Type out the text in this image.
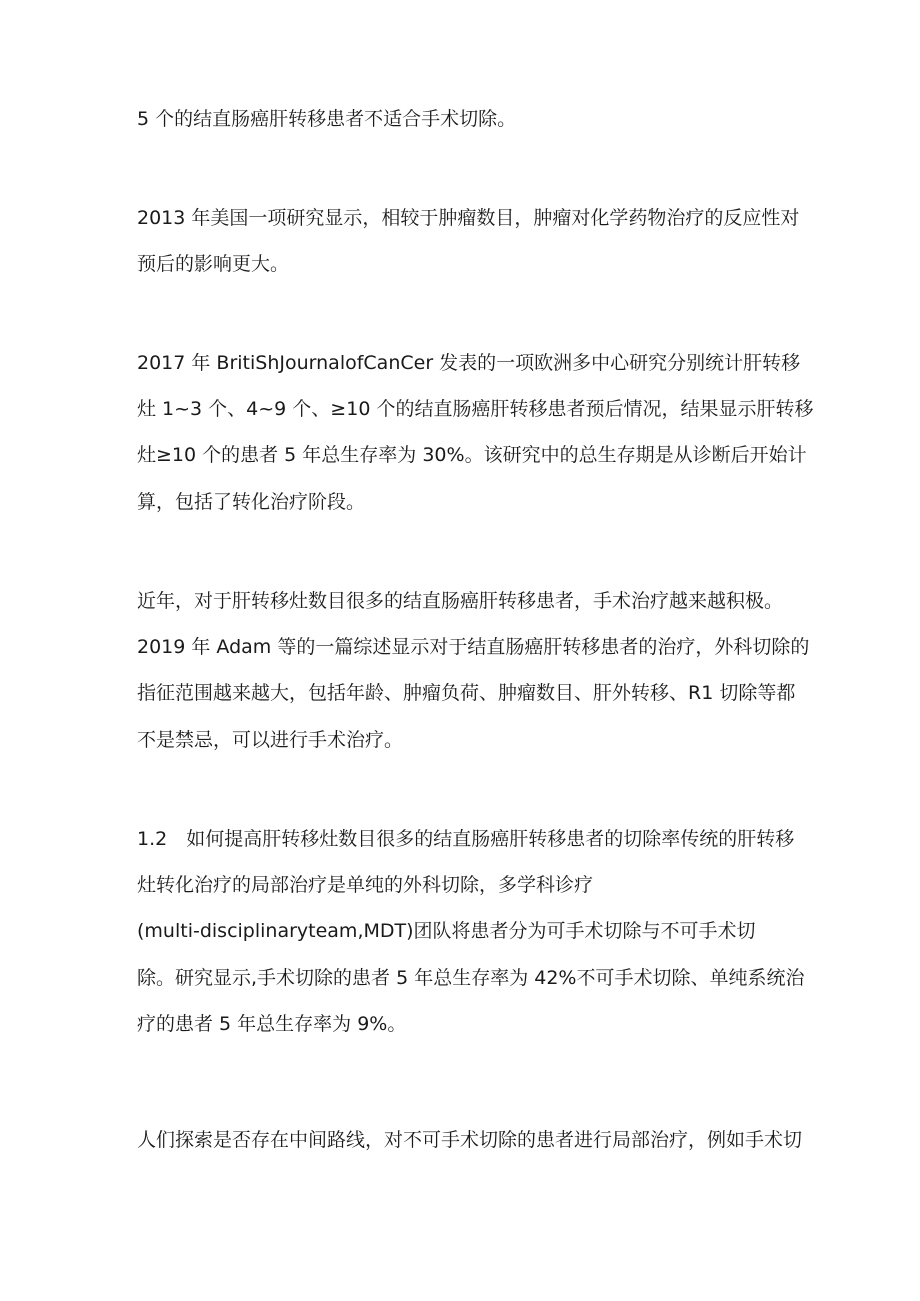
5 个的结直肠癌肝转移患者不适合手术切除。
2013 年美国一项研究显示，相较于肿瘤数目，肿瘤对化学药物治疗的反应性对
预后的影响更大。
2017 年 BritiShJournalofCanCer 发表的一项欧洲多中心研究分别统计肝转移
灶 1~3 个、4~9 个、≥10 个的结直肠癌肝转移患者预后情况，结果显示肝转移
灶≥10 个的患者 5 年总生存率为 30%。该研究中的总生存期是从诊断后开始计
算，包括了转化治疗阶段。
近年，对于肝转移灶数目很多的结直肠癌肝转移患者，手术治疗越来越积极。
2019 年 Adam 等的一篇综述显示对于结直肠癌肝转移患者的治疗，外科切除的
指征范围越来越大，包括年龄、肿瘤负荷、肿瘤数目、肝外转移、R1 切除等都
不是禁忌，可以进行手术治疗。
1.2　如何提高肝转移灶数目很多的结直肠癌肝转移患者的切除率传统的肝转移
灶转化治疗的局部治疗是单纯的外科切除，多学科诊疗
(multi-disciplinaryteam,MDT)团队将患者分为可手术切除与不可手术切
除。研究显示,手术切除的患者 5 年总生存率为 42%不可手术切除、单纯系统治
疗的患者 5 年总生存率为 9%。
人们探索是否存在中间路线，对不可手术切除的患者进行局部治疗，例如手术切
